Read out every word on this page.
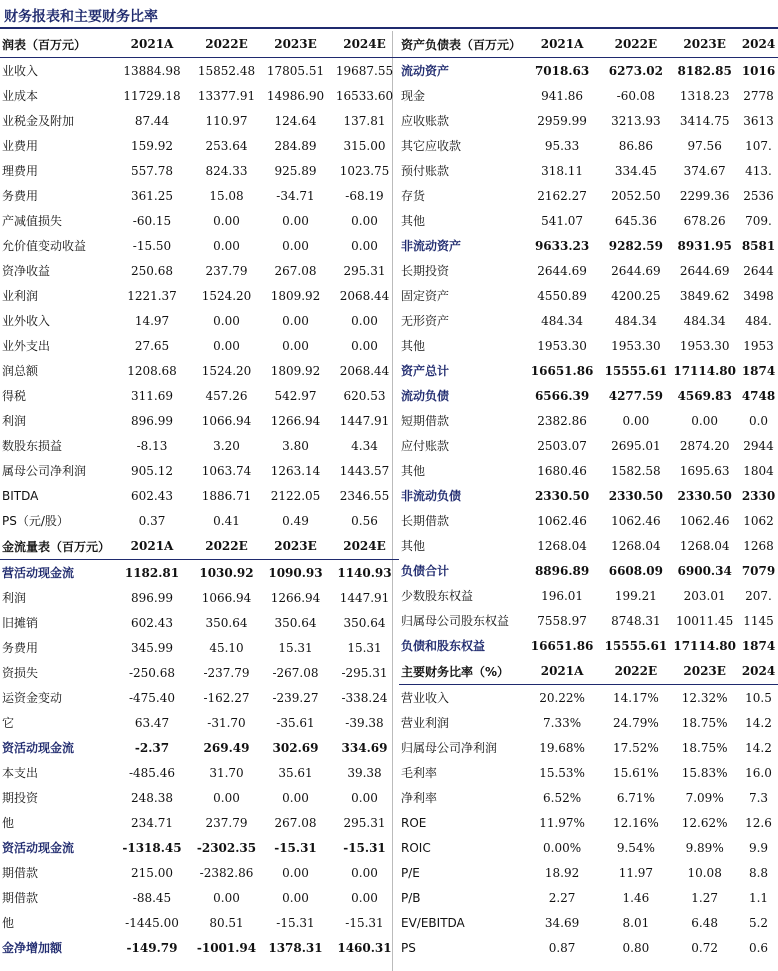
财务报表和主要财务比率
润表（百万元）	2021A	2022E	2023E	2024E
业收入	13884.98	15852.48	17805.51	19687.55
业成本	11729.18	13377.91	14986.90	16533.60
业税金及附加	87.44	110.97	124.64	137.81
业费用	159.92	253.64	284.89	315.00
理费用	557.78	824.33	925.89	1023.75
务费用	361.25	15.08	-34.71	-68.19
产减值损失	-60.15	0.00	0.00	0.00
允价值变动收益	-15.50	0.00	0.00	0.00
资净收益	250.68	237.79	267.08	295.31
业利润	1221.37	1524.20	1809.92	2068.44
业外收入	14.97	0.00	0.00	0.00
业外支出	27.65	0.00	0.00	0.00
润总额	1208.68	1524.20	1809.92	2068.44
得税	311.69	457.26	542.97	620.53
利润	896.99	1066.94	1266.94	1447.91
数股东损益	-8.13	3.20	3.80	4.34
属母公司净利润	905.12	1063.74	1263.14	1443.57
BITDA	602.43	1886.71	2122.05	2346.55
PS（元/股）	0.37	0.41	0.49	0.56
金流量表（百万元）	2021A	2022E	2023E	2024E
营活动现金流	1182.81	1030.92	1090.93	1140.93
利润	896.99	1066.94	1266.94	1447.91
旧摊销	602.43	350.64	350.64	350.64
务费用	345.99	45.10	15.31	15.31
资损失	-250.68	-237.79	-267.08	-295.31
运资金变动	-475.40	-162.27	-239.27	-338.24
它	63.47	-31.70	-35.61	-39.38
资活动现金流	-2.37	269.49	302.69	334.69
本支出	-485.46	31.70	35.61	39.38
期投资	248.38	0.00	0.00	0.00
他	234.71	237.79	267.08	295.31
资活动现金流	-1318.45	-2302.35	-15.31	-15.31
期借款	215.00	-2382.86	0.00	0.00
期借款	-88.45	0.00	0.00	0.00
他	-1445.00	80.51	-15.31	-15.31
金净增加额	-149.79	-1001.94	1378.31	1460.31
资产负债表（百万元）	2021A	2022E	2023E	2024
流动资产	7018.63	6273.02	8182.85	1016
现金	941.86	-60.08	1318.23	2778
应收账款	2959.99	3213.93	3414.75	3613
其它应收款	95.33	86.86	97.56	107.
预付账款	318.11	334.45	374.67	413.
存货	2162.27	2052.50	2299.36	2536
其他	541.07	645.36	678.26	709.
非流动资产	9633.23	9282.59	8931.95	8581
长期投资	2644.69	2644.69	2644.69	2644
固定资产	4550.89	4200.25	3849.62	3498
无形资产	484.34	484.34	484.34	484.
其他	1953.30	1953.30	1953.30	1953
资产总计	16651.86	15555.61	17114.80	1874
流动负债	6566.39	4277.59	4569.83	4748
短期借款	2382.86	0.00	0.00	0.0
应付账款	2503.07	2695.01	2874.20	2944
其他	1680.46	1582.58	1695.63	1804
非流动负债	2330.50	2330.50	2330.50	2330
长期借款	1062.46	1062.46	1062.46	1062
其他	1268.04	1268.04	1268.04	1268
负债合计	8896.89	6608.09	6900.34	7079
少数股东权益	196.01	199.21	203.01	207.
归属母公司股东权益	7558.97	8748.31	10011.45	1145
负债和股东权益	16651.86	15555.61	17114.80	1874
主要财务比率（%）	2021A	2022E	2023E	2024
营业收入	20.22%	14.17%	12.32%	10.5
营业利润	7.33%	24.79%	18.75%	14.2
归属母公司净利润	19.68%	17.52%	18.75%	14.2
毛利率	15.53%	15.61%	15.83%	16.0
净利率	6.52%	6.71%	7.09%	7.3
ROE	11.97%	12.16%	12.62%	12.6
ROIC	0.00%	9.54%	9.89%	9.9
P/E	18.92	11.97	10.08	8.8
P/B	2.27	1.46	1.27	1.1
EV/EBITDA	34.69	8.01	6.48	5.2
PS	0.87	0.80	0.72	0.6
